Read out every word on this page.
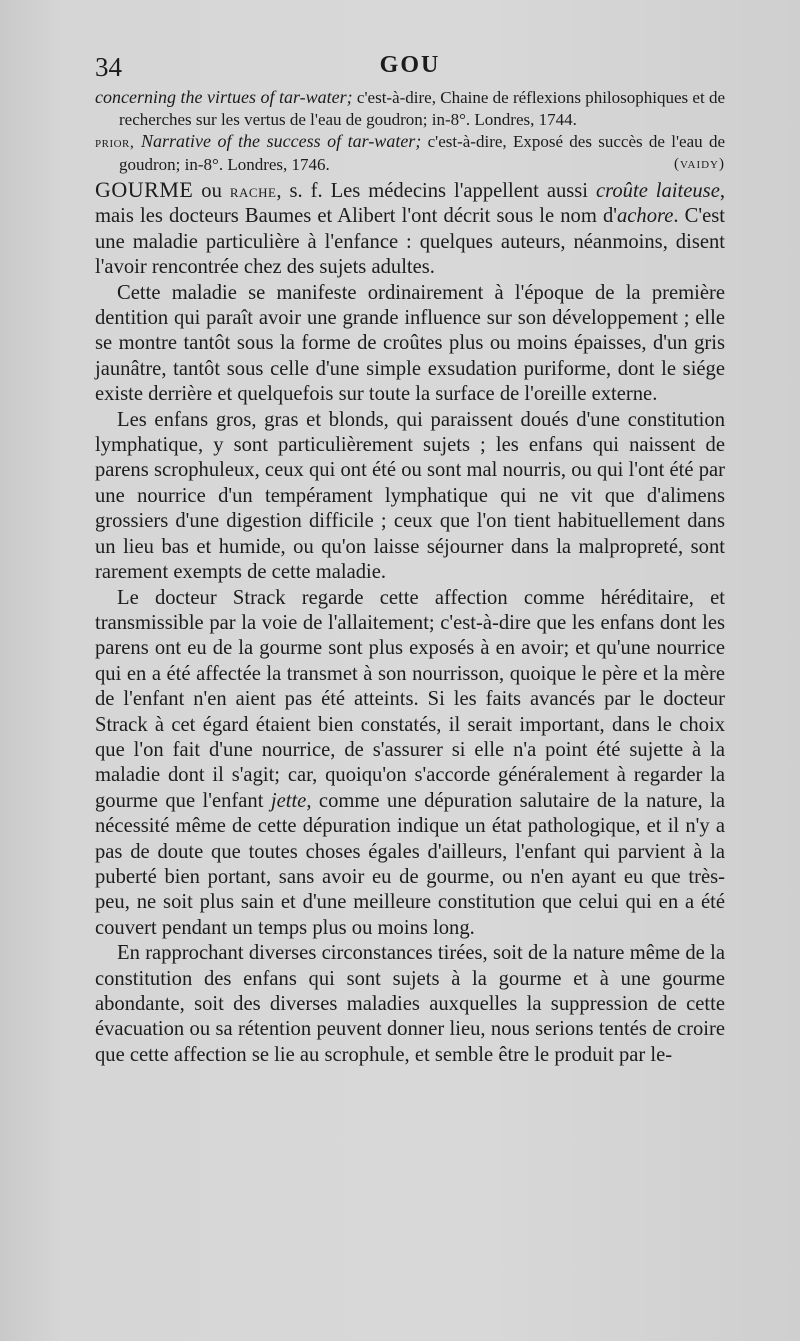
34	GOU

concerning the virtues of tar-water; c'est-à-dire, Chaine de réflexions philosophiques et de recherches sur les vertus de l'eau de goudron; in-8°. Londres, 1744.

prior, Narrative of the success of tar-water; c'est-à-dire, Exposé des succès de l'eau de goudron; in-8°. Londres, 1746.	(vaidy)

GOURME ou rache, s. f. Les médecins l'appellent aussi croûte laiteuse, mais les docteurs Baumes et Alibert l'ont décrit sous le nom d'achore. C'est une maladie particulière à l'enfance : quelques auteurs, néanmoins, disent l'avoir rencontrée chez des sujets adultes.

Cette maladie se manifeste ordinairement à l'époque de la première dentition qui paraît avoir une grande influence sur son développement ; elle se montre tantôt sous la forme de croûtes plus ou moins épaisses, d'un gris jaunâtre, tantôt sous celle d'une simple exsudation puriforme, dont le siége existe derrière et quelquefois sur toute la surface de l'oreille externe.

Les enfans gros, gras et blonds, qui paraissent doués d'une constitution lymphatique, y sont particulièrement sujets ; les enfans qui naissent de parens scrophuleux, ceux qui ont été ou sont mal nourris, ou qui l'ont été par une nourrice d'un tempérament lymphatique qui ne vit que d'alimens grossiers d'une digestion difficile ; ceux que l'on tient habituellement dans un lieu bas et humide, ou qu'on laisse séjourner dans la malpropreté, sont rarement exempts de cette maladie.

Le docteur Strack regarde cette affection comme héréditaire, et transmissible par la voie de l'allaitement; c'est-à-dire que les enfans dont les parens ont eu de la gourme sont plus exposés à en avoir; et qu'une nourrice qui en a été affectée la transmet à son nourrisson, quoique le père et la mère de l'enfant n'en aient pas été atteints. Si les faits avancés par le docteur Strack à cet égard étaient bien constatés, il serait important, dans le choix que l'on fait d'une nourrice, de s'assurer si elle n'a point été sujette à la maladie dont il s'agit; car, quoiqu'on s'accorde généralement à regarder la gourme que l'enfant jette, comme une dépuration salutaire de la nature, la nécessité même de cette dépuration indique un état pathologique, et il n'y a pas de doute que toutes choses égales d'ailleurs, l'enfant qui parvient à la puberté bien portant, sans avoir eu de gourme, ou n'en ayant eu que très-peu, ne soit plus sain et d'une meilleure constitution que celui qui en a été couvert pendant un temps plus ou moins long.

En rapprochant diverses circonstances tirées, soit de la nature même de la constitution des enfans qui sont sujets à la gourme et à une gourme abondante, soit des diverses maladies auxquelles la suppression de cette évacuation ou sa rétention peuvent donner lieu, nous serions tentés de croire que cette affection se lie au scrophule, et semble être le produit par le-
